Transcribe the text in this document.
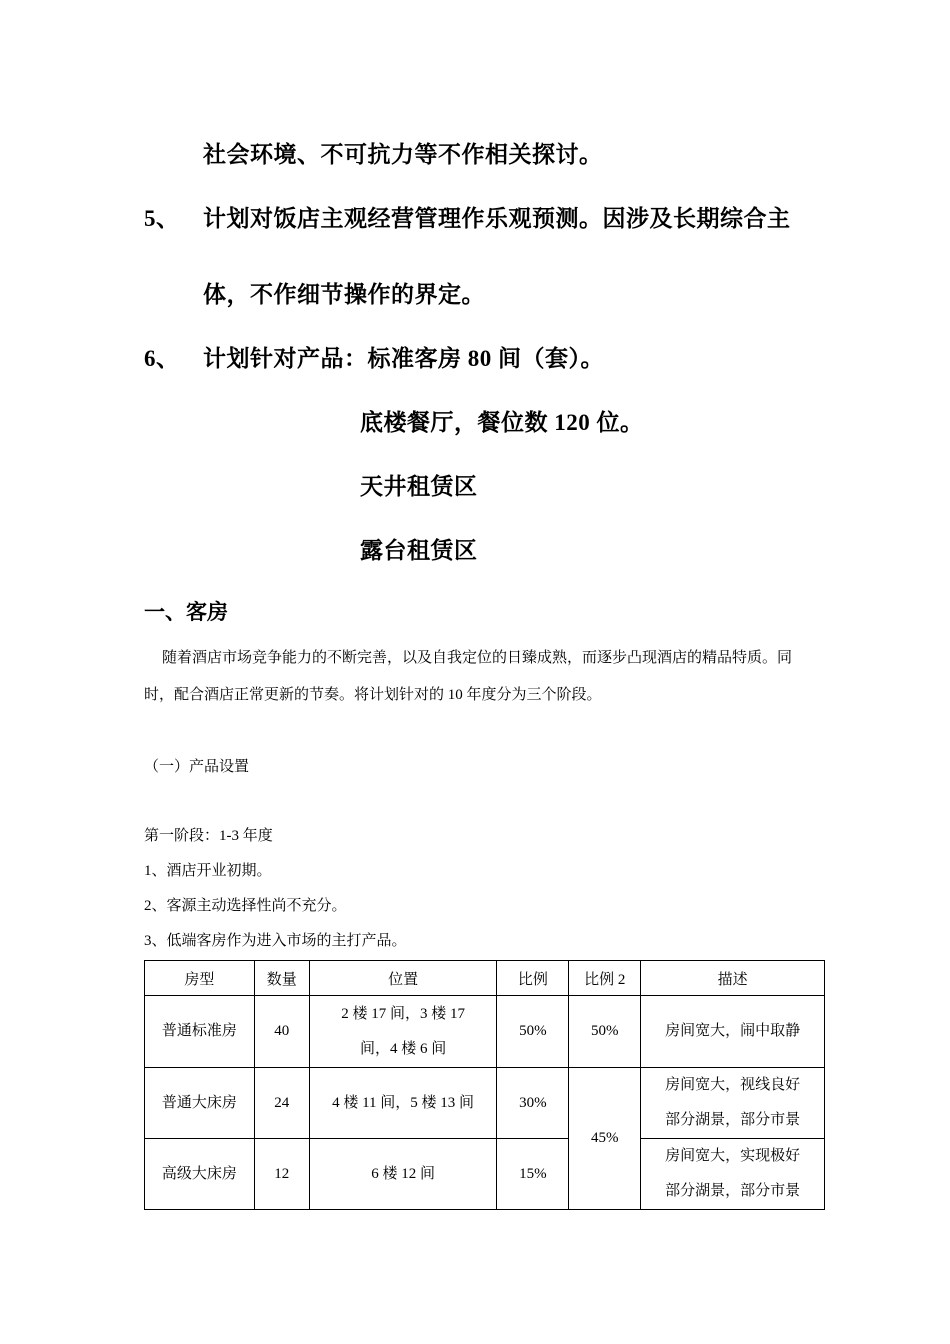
社会环境、不可抗力等不作相关探讨。
5、 计划对饭店主观经营管理作乐观预测。因涉及长期综合主
体，不作细节操作的界定。
6、 计划针对产品：标准客房 80 间（套）。
底楼餐厅，餐位数 120 位。
天井租赁区
露台租赁区
一、客房
随着酒店市场竞争能力的不断完善，以及自我定位的日臻成熟，而逐步凸现酒店的精品特质。同时，配合酒店正常更新的节奏。将计划针对的 10 年度分为三个阶段。
（一）产品设置
第一阶段：1-3 年度
1、酒店开业初期。
2、客源主动选择性尚不充分。
3、低端客房作为进入市场的主打产品。
房型	数量	位置	比例	比例 2	描述
普通标准房	40	2 楼 17 间，3 楼 17
间，4 楼 6 间	50%	50%	房间宽大，闹中取静
普通大床房	24	4 楼 11 间，5 楼 13 间	30%	45%	房间宽大，视线良好
部分湖景，部分市景

高级大床房	12	6 楼 12 间	15%		房间宽大，实现极好
部分湖景，部分市景
